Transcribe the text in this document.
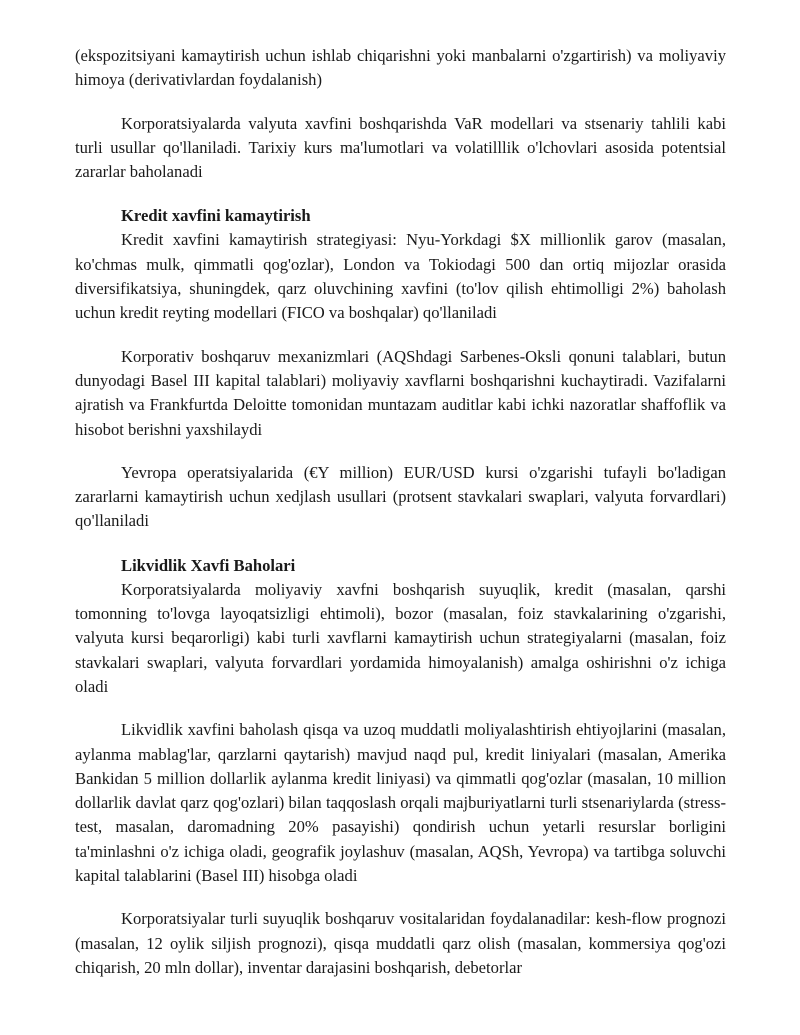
(ekspozitsiyani kamaytirish uchun ishlab chiqarishni yoki manbalarni o'zgartirish) va moliyaviy himoya (derivativlardan foydalanish)

Korporatsiyalarda valyuta xavfini boshqarishda VaR modellari va stsenariy tahlili kabi turli usullar qo'llaniladi. Tarixiy kurs ma'lumotlari va volatilllik o'lchovlari asosida potentsial zararlar baholanadi

Kredit xavfini kamaytirish

Kredit xavfini kamaytirish strategiyasi: Nyu-Yorkdagi $X millionlik garov (masalan, ko'chmas mulk, qimmatli qog'ozlar), London va Tokiodagi 500 dan ortiq mijozlar orasida diversifikatsiya, shuningdek, qarz oluvchining xavfini (to'lov qilish ehtimolligi 2%) baholash uchun kredit reyting modellari (FICO va boshqalar) qo'llaniladi

Korporativ boshqaruv mexanizmlari (AQShdagi Sarbenes-Oksli qonuni talablari, butun dunyodagi Basel III kapital talablari) moliyaviy xavflarni boshqarishni kuchaytiradi. Vazifalarni ajratish va Frankfurtda Deloitte tomonidan muntazam auditlar kabi ichki nazoratlar shaffoflik va hisobot berishni yaxshilaydi

Yevropa operatsiyalarida (€Y million) EUR/USD kursi o'zgarishi tufayli bo'ladigan zararlarni kamaytirish uchun xedjlash usullari (protsent stavkalari swaplari, valyuta forvardlari) qo'llaniladi

Likvidlik Xavfi Baholari

Korporatsiyalarda moliyaviy xavfni boshqarish suyuqlik, kredit (masalan, qarshi tomonning to'lovga layoqatsizligi ehtimoli), bozor (masalan, foiz stavkalarining o'zgarishi, valyuta kursi beqarorligi) kabi turli xavflarni kamaytirish uchun strategiyalarni (masalan, foiz stavkalari swaplari, valyuta forvardlari yordamida himoyalanish) amalga oshirishni o'z ichiga oladi

Likvidlik xavfini baholash qisqa va uzoq muddatli moliyalashtirish ehtiyojlarini (masalan, aylanma mablag'lar, qarzlarni qaytarish) mavjud naqd pul, kredit liniyalari (masalan, Amerika Bankidan 5 million dollarlik aylanma kredit liniyasi) va qimmatli qog'ozlar (masalan, 10 million dollarlik davlat qarz qog'ozlari) bilan taqqoslash orqali majburiyatlarni turli stsenariylarda (stress-test, masalan, daromadning 20% pasayishi) qondirish uchun yetarli resurslar borligini ta'minlashni o'z ichiga oladi, geografik joylashuv (masalan, AQSh, Yevropa) va tartibga soluvchi kapital talablarini (Basel III) hisobga oladi

Korporatsiyalar turli suyuqlik boshqaruv vositalaridan foydalanadilar: kesh-flow prognozi (masalan, 12 oylik siljish prognozi), qisqa muddatli qarz olish (masalan, kommersiya qog'ozi chiqarish, 20 mln dollar), inventar darajasini boshqarish, debetorlar
